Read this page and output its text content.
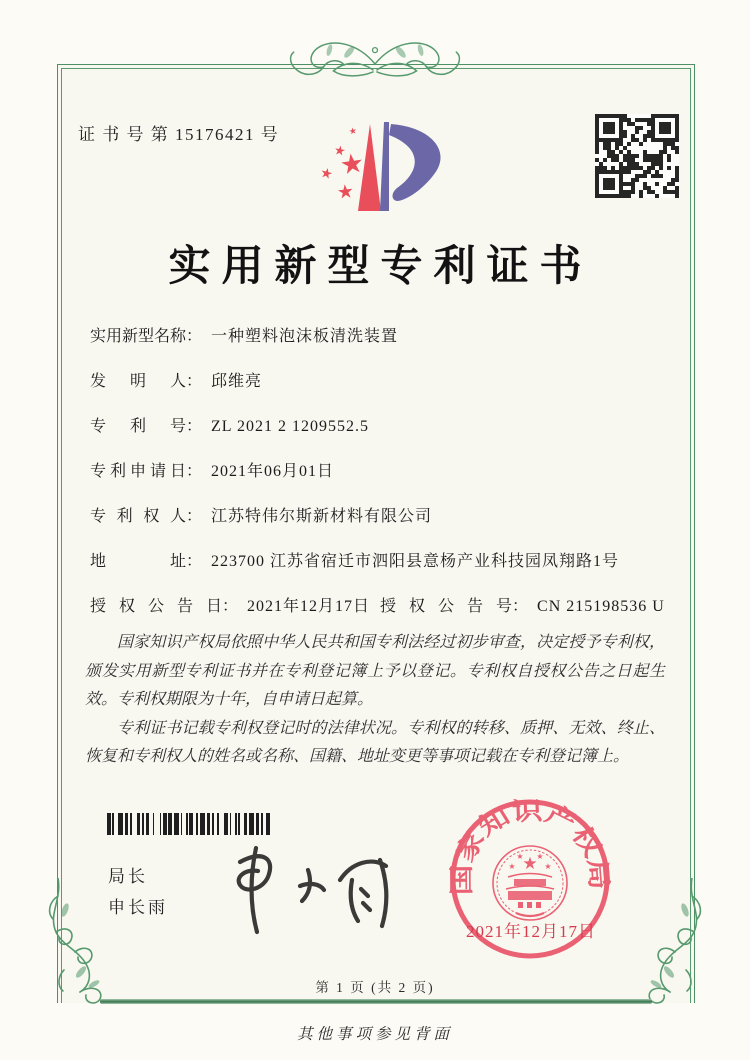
证 书 号 第 15176421 号
★
★
★
★
★
实用新型专利证书
实用新型名称： 一种塑料泡沫板清洗装置
发明人： 邱维亮
专利号： ZL 2021 2 1209552.5
专利申请日： 2021年06月01日
专利权人： 江苏特伟尔斯新材料有限公司
地址： 223700 江苏省宿迁市泗阳县意杨产业科技园凤翔路1号
授权公告日： 2021年12月17日 授权公告号： CN 215198536 U

国家知识产权局依照中华人民共和国专利法经过初步审查，决定授予专利权，颁发实用新型专利证书并在专利登记簿上予以登记。专利权自授权公告之日起生效。专利权期限为十年，自申请日起算。

专利证书记载专利权登记时的法律状况。专利权的转移、质押、无效、终止、恢复和专利权人的姓名或名称、国籍、地址变更等事项记载在专利登记簿上。

局长
申长雨
国家知识产权局
★
★
★ ★
★
2021年12月17日
第 1 页 (共 2 页)
其他事项参见背面
